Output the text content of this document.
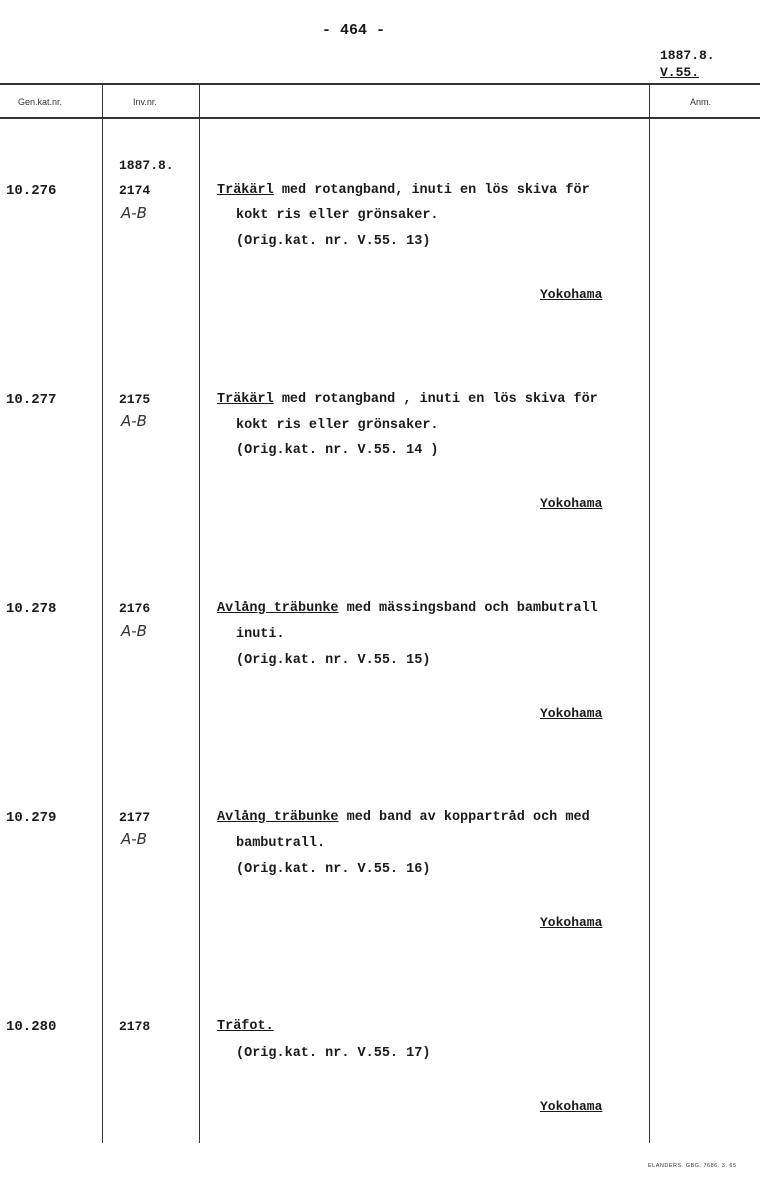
- 464 -
1887.8.
V.55.
Gen.kat.nr.	Inv.nr.	Anm.
1887.8.
10.276	2174
A-B
Träkärl med rotangband, inuti en lös skiva för
kokt ris eller grönsaker.
(Orig.kat. nr. V.55. 13)
Yokohama
10.277	2175
A-B
Träkärl med rotangband , inuti en lös skiva för
kokt ris eller grönsaker.
(Orig.kat. nr. V.55. 14 )
Yokohama
10.278	2176
A-B
Avlång träbunke med mässingsband och bambutrall
inuti.
(Orig.kat. nr. V.55. 15)
Yokohama
10.279	2177
A-B
Avlång träbunke med band av koppartråd och med
bambutrall.
(Orig.kat. nr. V.55. 16)
Yokohama
10.280	2178	Träfot.
(Orig.kat. nr. V.55. 17)
Yokohama
ELANDERS. GBG. 7686. 3. 65
